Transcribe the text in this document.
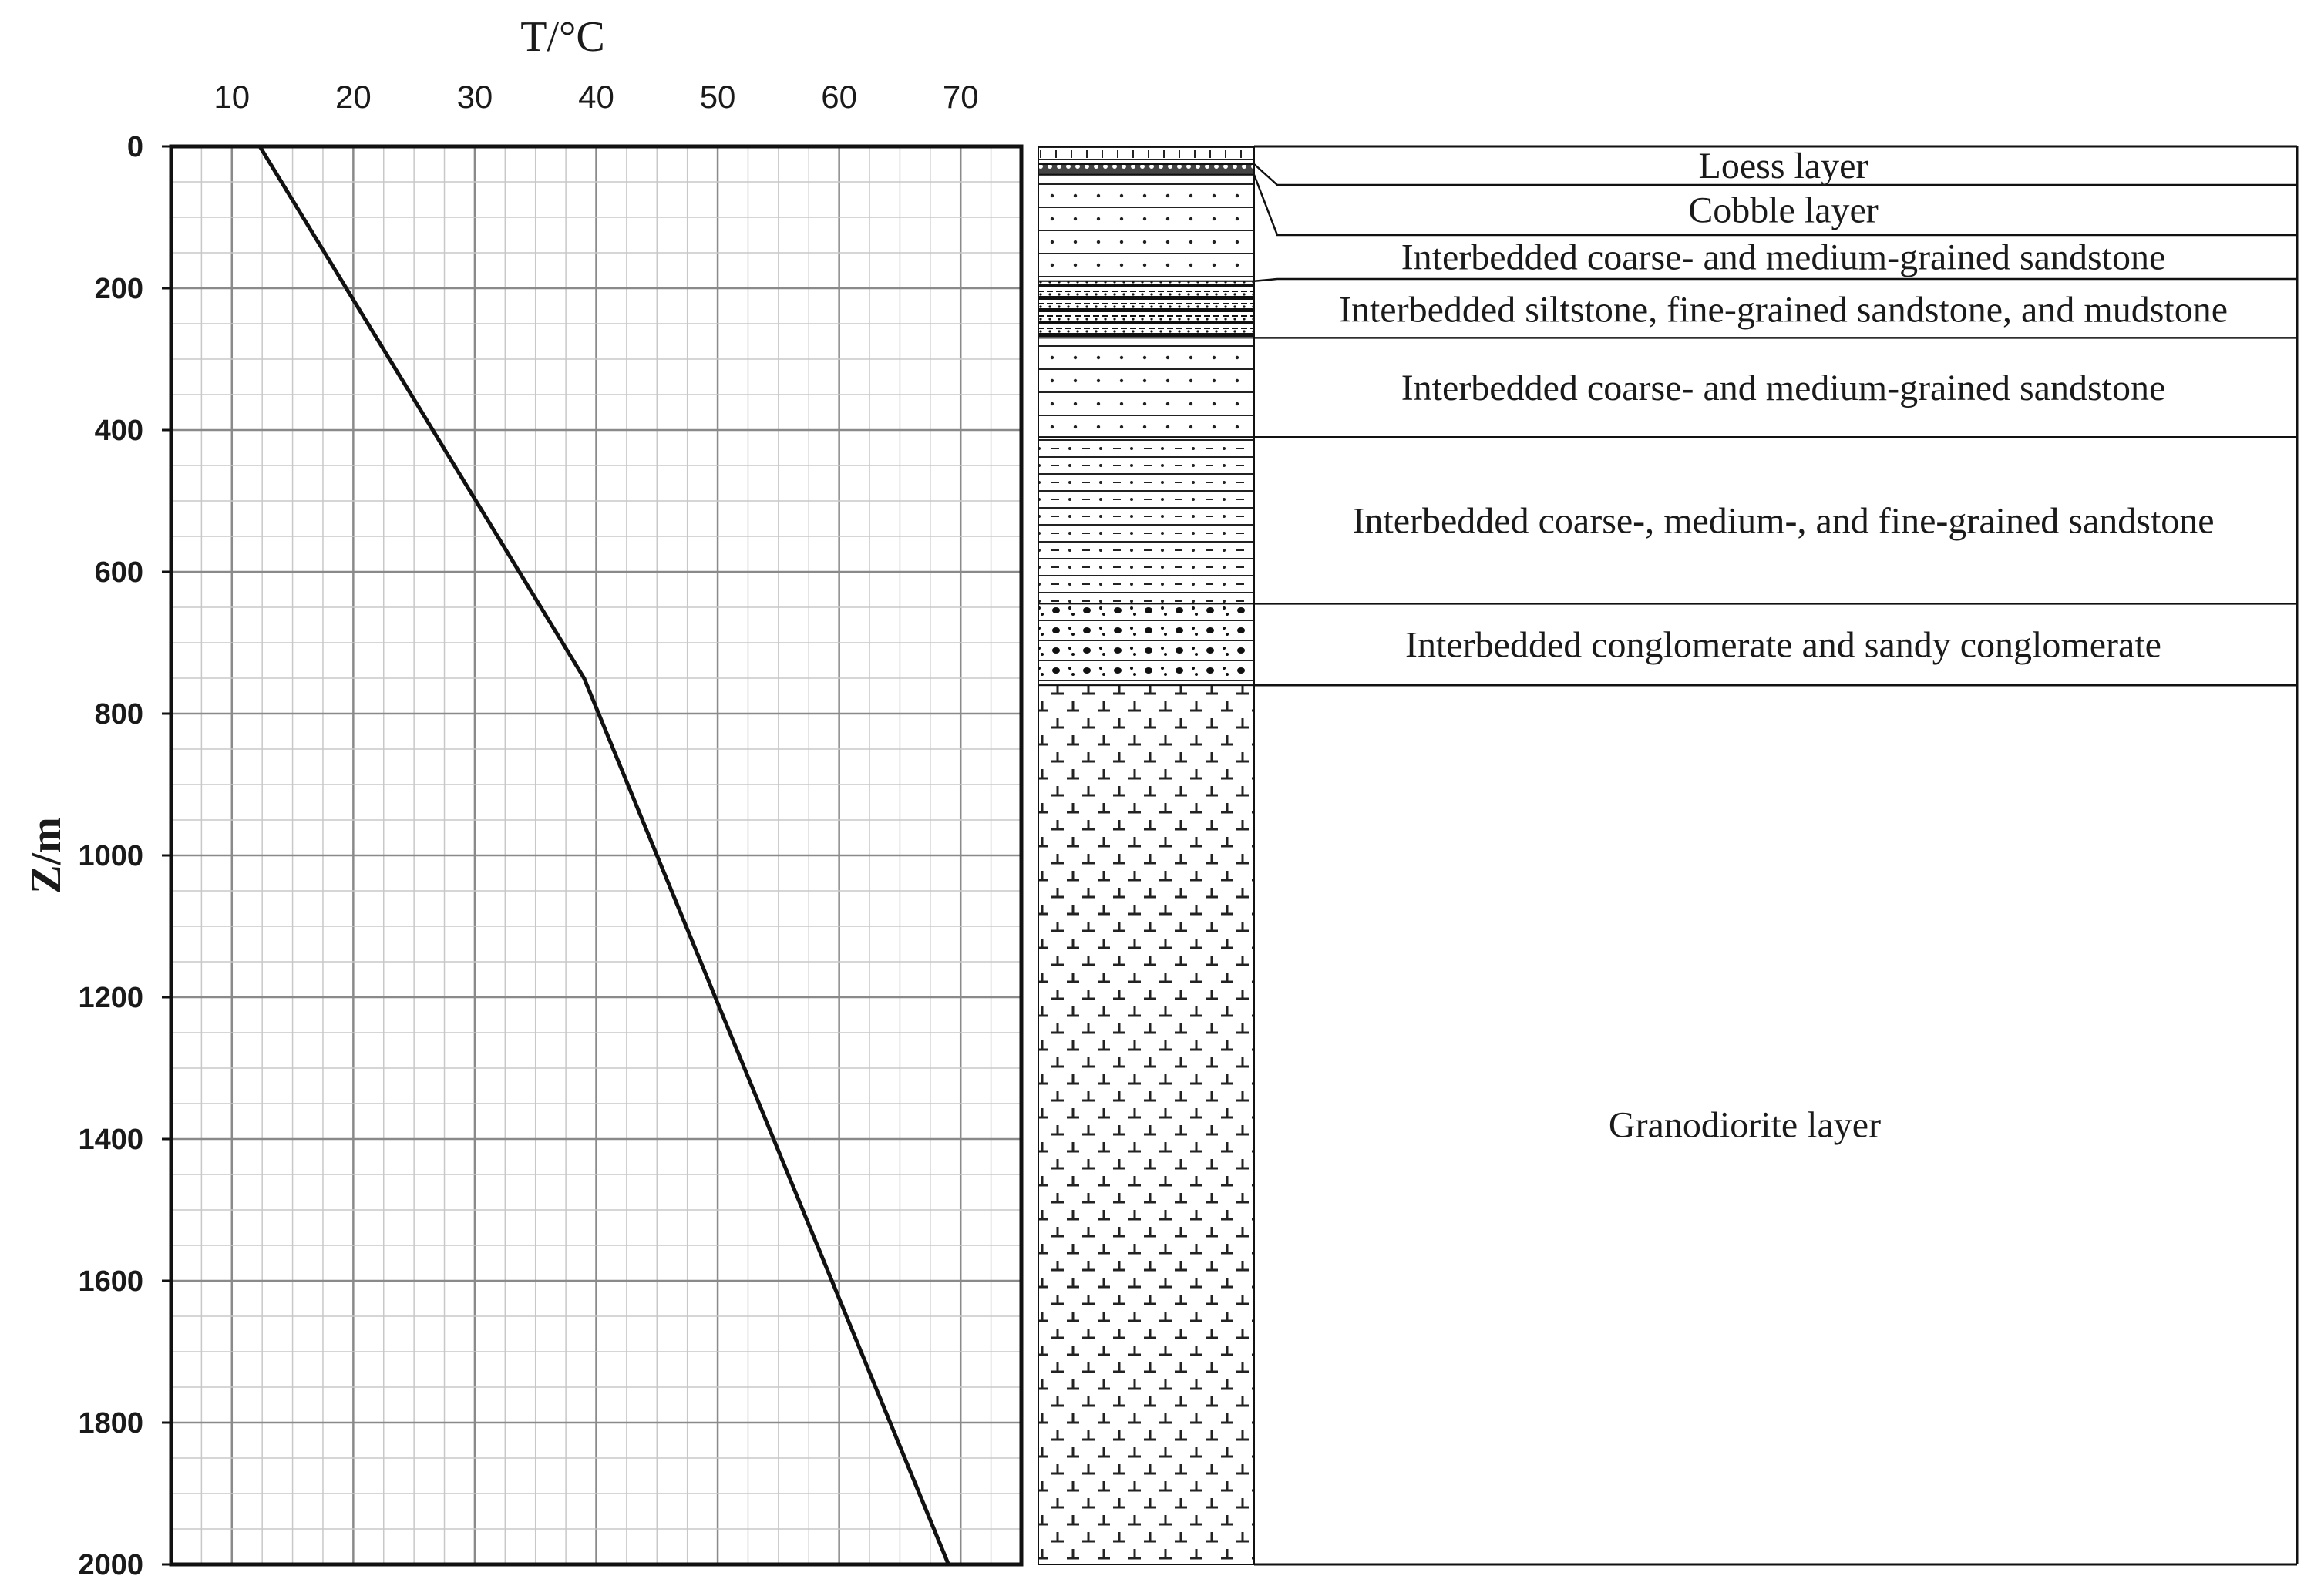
10	20	30	40	50	60	70
0
200
400
600
800
1000
1200
1400
1600
1800
2000
T/°C
Z/m
Loess layer
Cobble layer
Interbedded coarse- and medium-grained sandstone
Interbedded siltstone, fine-grained sandstone, and mudstone
Interbedded coarse- and medium-grained sandstone
Interbedded coarse-, medium-, and fine-grained sandstone
Interbedded conglomerate and sandy conglomerate
Granodiorite layer
